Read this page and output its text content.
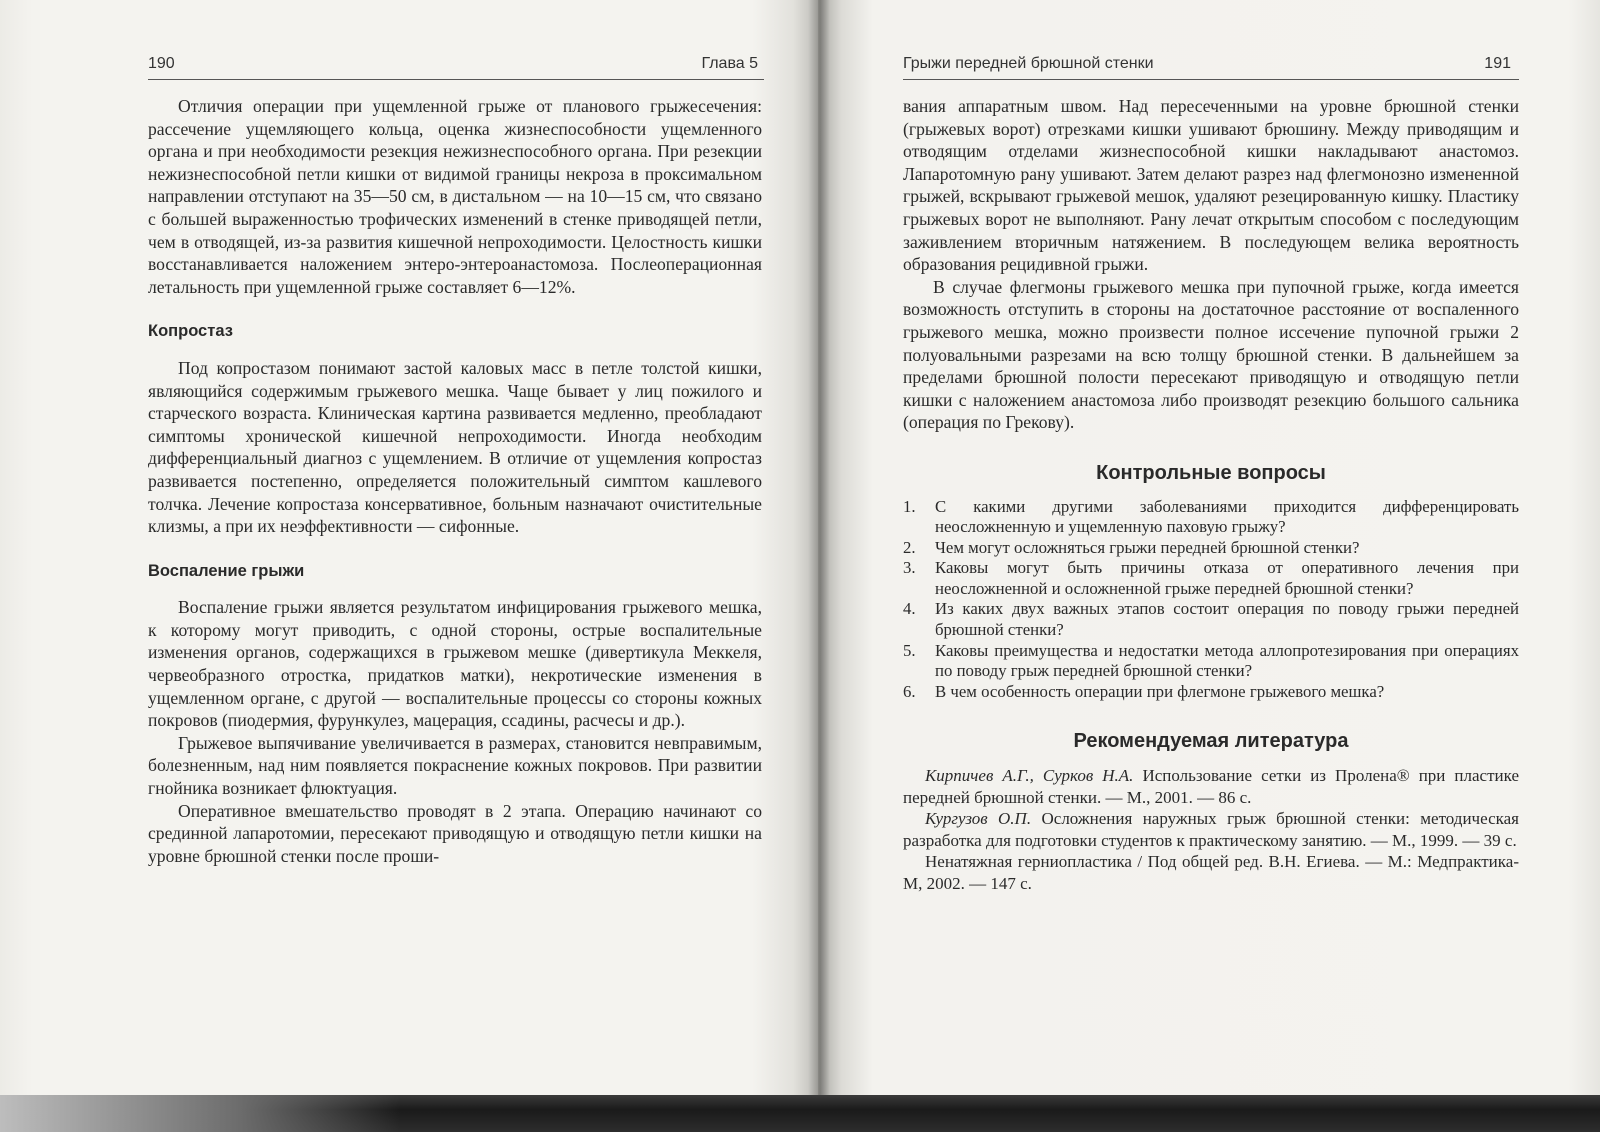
190	Глава 5	Грыжи передней брюшной стенки	191

Отличия операции при ущемленной грыже от планового грыжесечения: рассечение ущемляющего кольца, оценка жизнеспособности ущемленного органа и при необходимости резекция нежизнеспособного органа. При резекции нежизнеспособной петли кишки от видимой границы некроза в проксимальном направлении отступают на 35—50 см, в дистальном — на 10—15 см, что связано с большей выраженностью трофических изменений в стенке приводящей петли, чем в отводящей, из-за развития кишечной непроходимости. Целостность кишки восстанавливается наложением энтеро-энтероанастомоза. Послеоперационная летальность при ущемленной грыже составляет 6—12%.

Копростаз

Под копростазом понимают застой каловых масс в петле толстой кишки, являющийся содержимым грыжевого мешка. Чаще бывает у лиц пожилого и старческого возраста. Клиническая картина развивается медленно, преобладают симптомы хронической кишечной непроходимости. Иногда необходим дифференциальный диагноз с ущемлением. В отличие от ущемления копростаз развивается постепенно, определяется положительный симптом кашлевого толчка. Лечение копростаза консервативное, больным назначают очистительные клизмы, а при их неэффективности — сифонные.

Воспаление грыжи

Воспаление грыжи является результатом инфицирования грыжевого мешка, к которому могут приводить, с одной стороны, острые воспалительные изменения органов, содержащихся в грыжевом мешке (дивертикула Меккеля, червеобразного отростка, придатков матки), некротические изменения в ущемленном органе, с другой — воспалительные процессы со стороны кожных покровов (пиодермия, фурункулез, мацерация, ссадины, расчесы и др.).

Грыжевое выпячивание увеличивается в размерах, становится невправимым, болезненным, над ним появляется покраснение кожных покровов. При развитии гнойника возникает флюктуация.

Оперативное вмешательство проводят в 2 этапа. Операцию начинают со срединной лапаротомии, пересекают приводящую и отводящую петли кишки на уровне брюшной стенки после проши-

вания аппаратным швом. Над пересеченными на уровне брюшной стенки (грыжевых ворот) отрезками кишки ушивают брюшину. Между приводящим и отводящим отделами жизнеспособной кишки накладывают анастомоз. Лапаротомную рану ушивают. Затем делают разрез над флегмонозно измененной грыжей, вскрывают грыжевой мешок, удаляют резецированную кишку. Пластику грыжевых ворот не выполняют. Рану лечат открытым способом с последующим заживлением вторичным натяжением. В последующем велика вероятность образования рецидивной грыжи.

В случае флегмоны грыжевого мешка при пупочной грыже, когда имеется возможность отступить в стороны на достаточное расстояние от воспаленного грыжевого мешка, можно произвести полное иссечение пупочной грыжи 2 полуовальными разрезами на всю толщу брюшной стенки. В дальнейшем за пределами брюшной полости пересекают приводящую и отводящую петли кишки с наложением анастомоза либо производят резекцию большого сальника (операция по Грекову).

Контрольные вопросы
1. С какими другими заболеваниями приходится дифференцировать неосложненную и ущемленную паховую грыжу?
2. Чем могут осложняться грыжи передней брюшной стенки?
3. Каковы могут быть причины отказа от оперативного лечения при неосложненной и осложненной грыже передней брюшной стенки?
4. Из каких двух важных этапов состоит операция по поводу грыжи передней брюшной стенки?
5. Каковы преимущества и недостатки метода аллопротезирования при операциях по поводу грыж передней брюшной стенки?
6. В чем особенность операции при флегмоне грыжевого мешка?
Рекомендуемая литература

Кирпичев А.Г., Сурков Н.А. Использование сетки из Пролена® при пластике передней брюшной стенки. — М., 2001. — 86 с.

Кургузов О.П. Осложнения наружных грыж брюшной стенки: методическая разработка для подготовки студентов к практическому занятию. — М., 1999. — 39 с.

Ненатяжная герниопластика / Под общей ред. В.Н. Егиева. — М.: Медпрактика-М, 2002. — 147 с.
